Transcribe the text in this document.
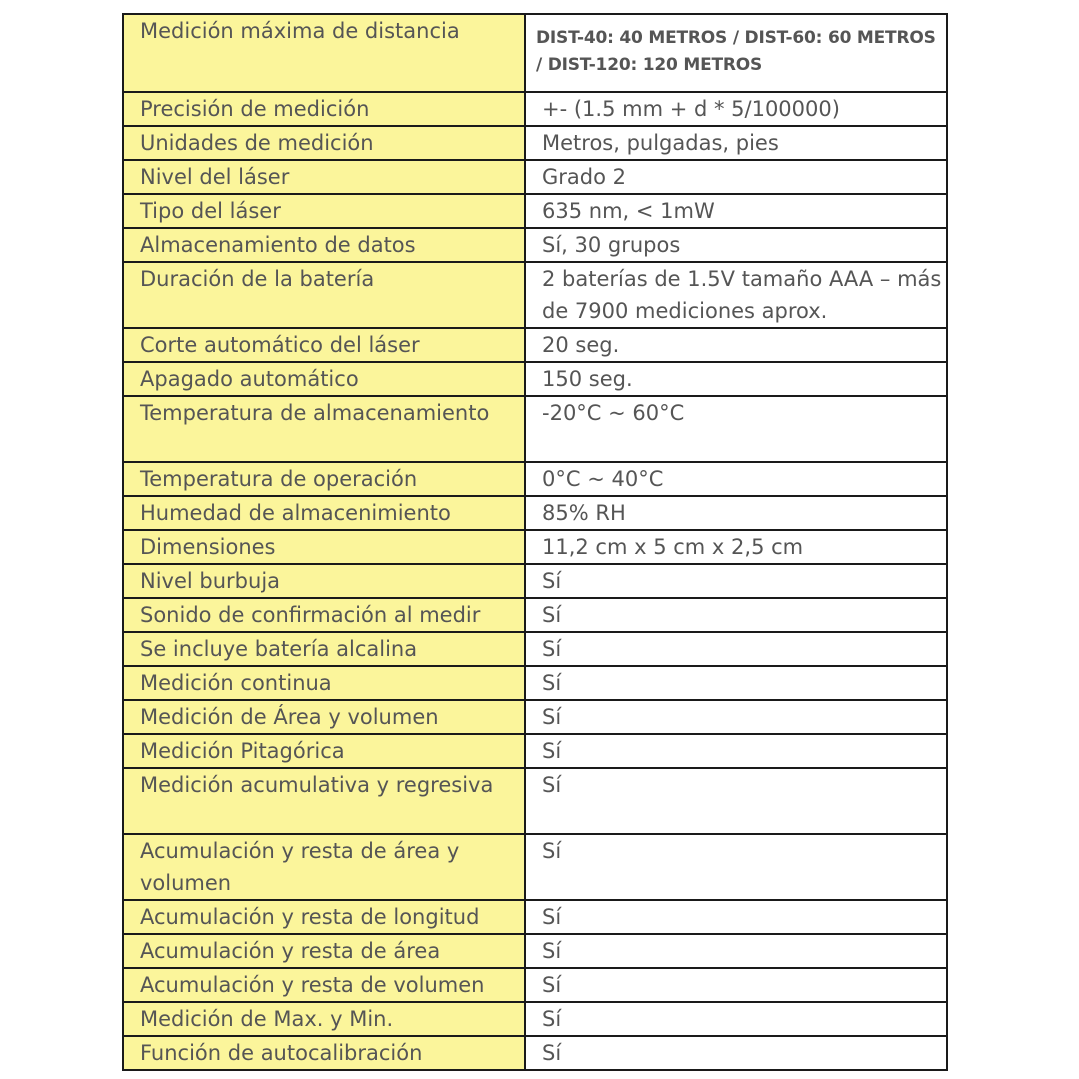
Medición máxima de distancia	DIST-40: 40 METROS / DIST-60: 60 METROS / DIST-120: 120 METROS
Precisión de medición	+- (1.5 mm + d * 5/100000)
Unidades de medición	Metros, pulgadas, pies
Nivel del láser	Grado 2
Tipo del láser	635 nm, < 1mW
Almacenamiento de datos	Sí, 30 grupos
Duración de la batería	2 baterías de 1.5V tamaño AAA – más de 7900 mediciones aprox.
Corte automático del láser	20 seg.
Apagado automático	150 seg.
Temperatura de almacenamiento	-20°C ~ 60°C
Temperatura de operación	0°C ~ 40°C
Humedad de almacenimiento	85% RH
Dimensiones	11,2 cm x 5 cm x 2,5 cm
Nivel burbuja	Sí
Sonido de confirmación al medir	Sí
Se incluye batería alcalina	Sí
Medición continua	Sí
Medición de Área y volumen	Sí
Medición Pitagórica	Sí
Medición acumulativa y regresiva	Sí
Acumulación y resta de área y volumen	Sí
Acumulación y resta de longitud	Sí
Acumulación y resta de área	Sí
Acumulación y resta de volumen	Sí
Medición de Max. y Min.	Sí
Función de autocalibración	Sí
